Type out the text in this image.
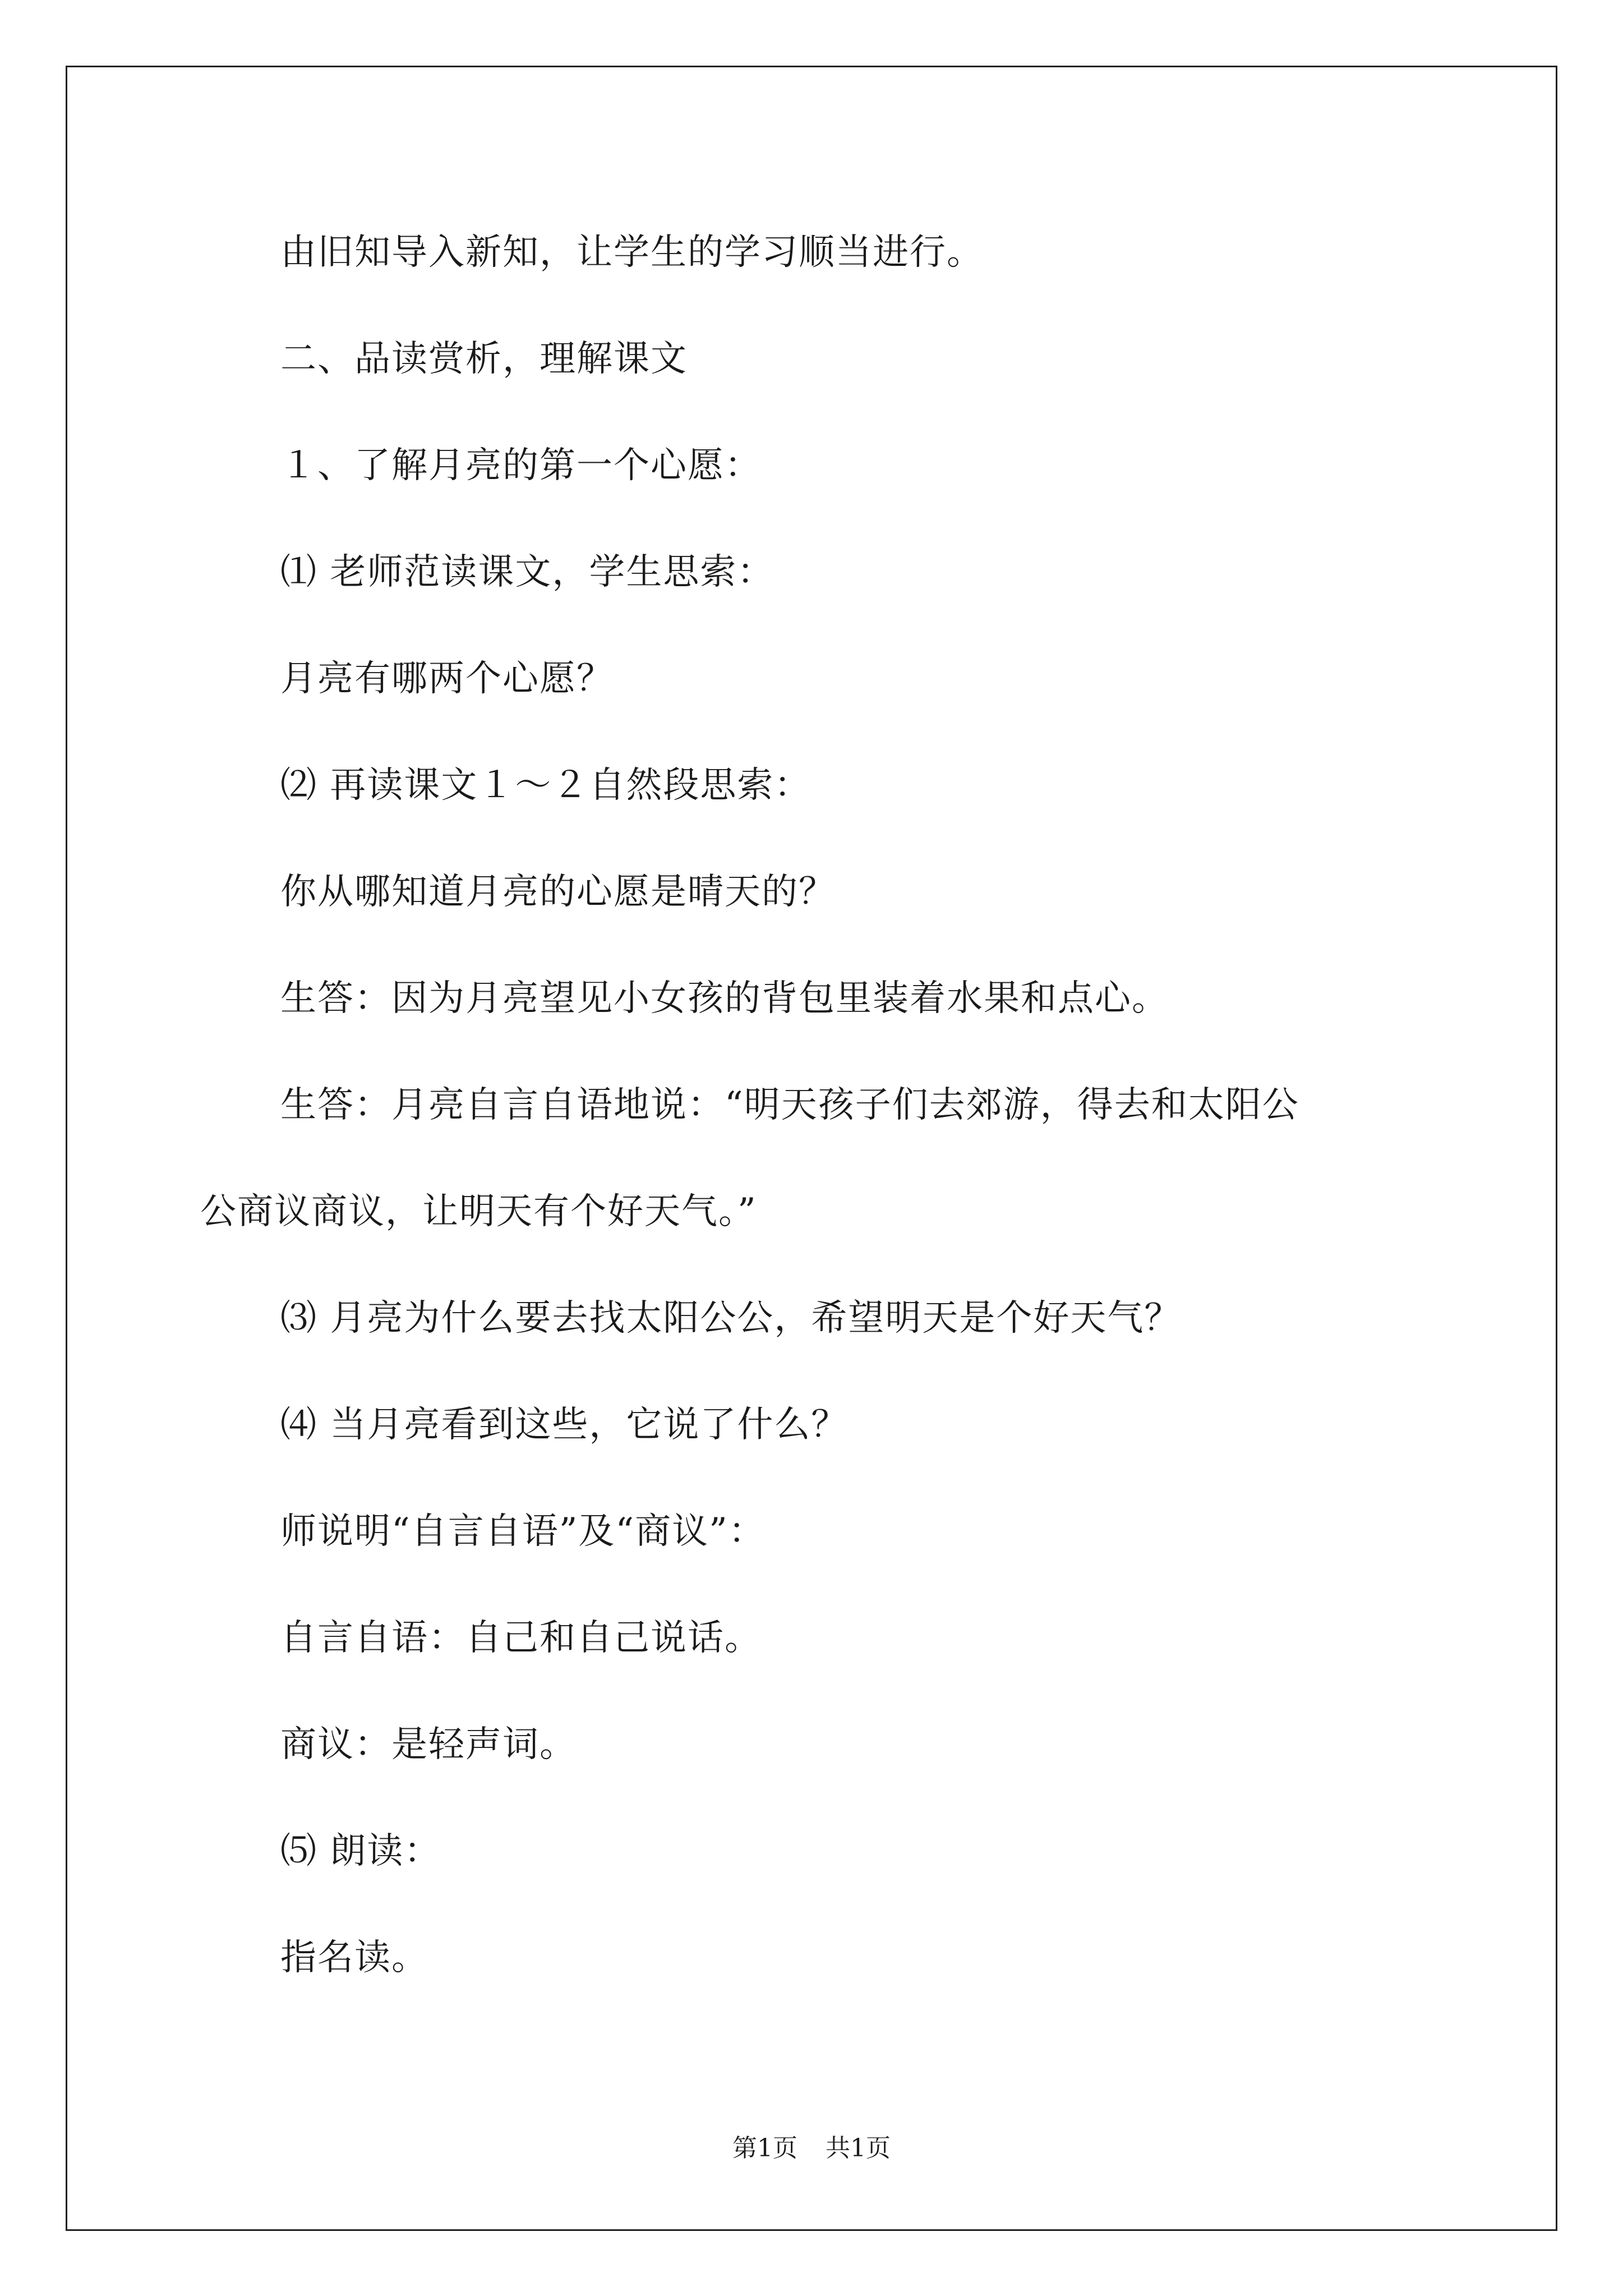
由旧知导入新知，让学生的学习顺当进行。
二、品读赏析，理解课文
１、了解月亮的第一个心愿：
⑴ 老师范读课文，学生思索：
月亮有哪两个心愿？
⑵ 再读课文１～２自然段思索：
你从哪知道月亮的心愿是晴天的？
生答：因为月亮望见小女孩的背包里装着水果和点心。
生答：月亮自言自语地说：“明天孩子们去郊游，得去和太阳公
公商议商议，让明天有个好天气。”
⑶ 月亮为什么要去找太阳公公，希望明天是个好天气？
⑷ 当月亮看到这些，它说了什么？
师说明“自言自语”及“商议”：
自言自语：自己和自己说话。
商议：是轻声词。
⑸ 朗读：
指名读。
第1页 共1页
